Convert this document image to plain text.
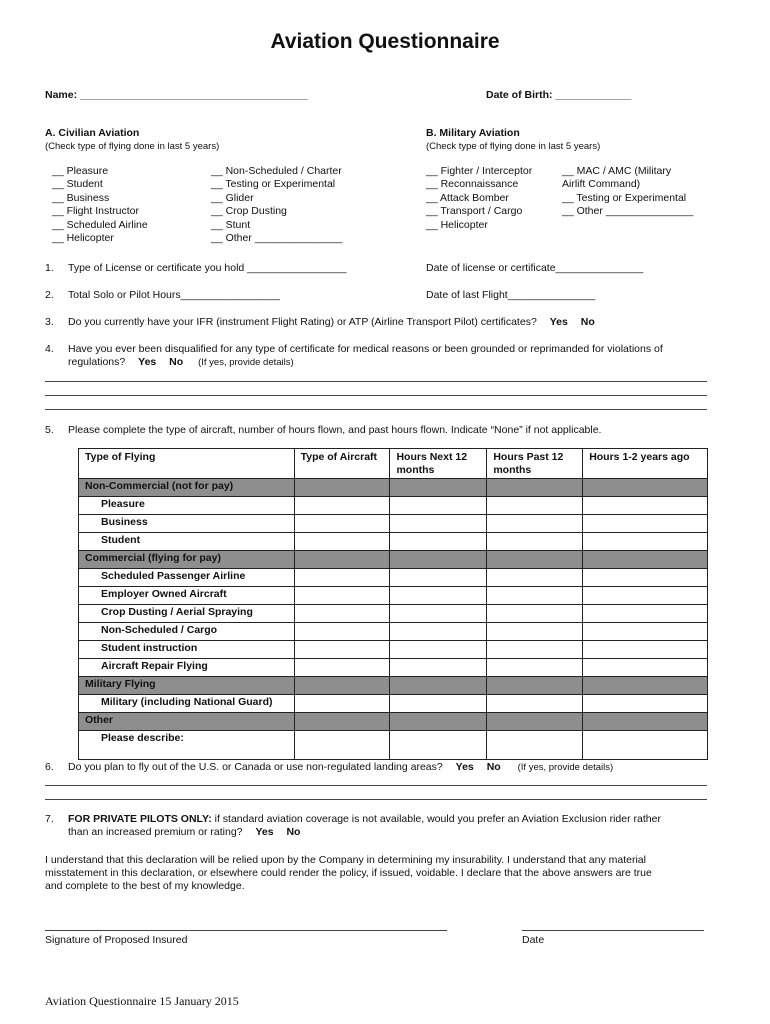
Aviation Questionnaire
Name: _______________________________________	Date of Birth: _____________
A. Civilian Aviation
(Check type of flying done in last 5 years)
__ Pleasure
__ Student
__ Business
__ Flight Instructor
__ Scheduled Airline
__ Helicopter
__ Non-Scheduled / Charter
__ Testing or Experimental
__ Glider
__ Crop Dusting
__ Stunt
__ Other _______________
B. Military Aviation
(Check type of flying done in last 5 years)
__ Fighter / Interceptor
__ Reconnaissance
__ Attack Bomber
__ Transport / Cargo
__ Helicopter
__ MAC / AMC (Military
Airlift Command)
__ Testing or Experimental
__ Other _______________
1. Type of License or certificate you hold _________________	Date of license or certificate_______________
2. Total Solo or Pilot Hours_________________	Date of last Flight_______________
3. Do you currently have your IFR (instrument Flight Rating) or ATP (Airline Transport Pilot) certificates? Yes No
4. Have you ever been disqualified for any type of certificate for medical reasons or been grounded or reprimanded for violations of
regulations? Yes No (If yes, provide details)
5. Please complete the type of aircraft, number of hours flown, and past hours flown. Indicate “None” if not applicable.
Type of Flying	Type of Aircraft	Hours Next 12 months	Hours Past 12 months	Hours 1-2 years ago
Non-Commercial (not for pay)				
Pleasure				
Business				
Student				
Commercial (flying for pay)				
Scheduled Passenger Airline				
Employer Owned Aircraft				
Crop Dusting / Aerial Spraying				
Non-Scheduled / Cargo				
Student instruction				
Aircraft Repair Flying				
Military Flying				
Military (including National Guard)				
Other				
Please describe:				
6. Do you plan to fly out of the U.S. or Canada or use non-regulated landing areas? Yes No (If yes, provide details)
7. FOR PRIVATE PILOTS ONLY: if standard aviation coverage is not available, would you prefer an Aviation Exclusion rider rather
than an increased premium or rating? Yes No
I understand that this declaration will be relied upon by the Company in determining my insurability. I understand that any material
misstatement in this declaration, or elsewhere could render the policy, if issued, voidable. I declare that the above answers are true
and complete to the best of my knowledge.
Signature of Proposed Insured	Date
Aviation Questionnaire 15 January 2015
